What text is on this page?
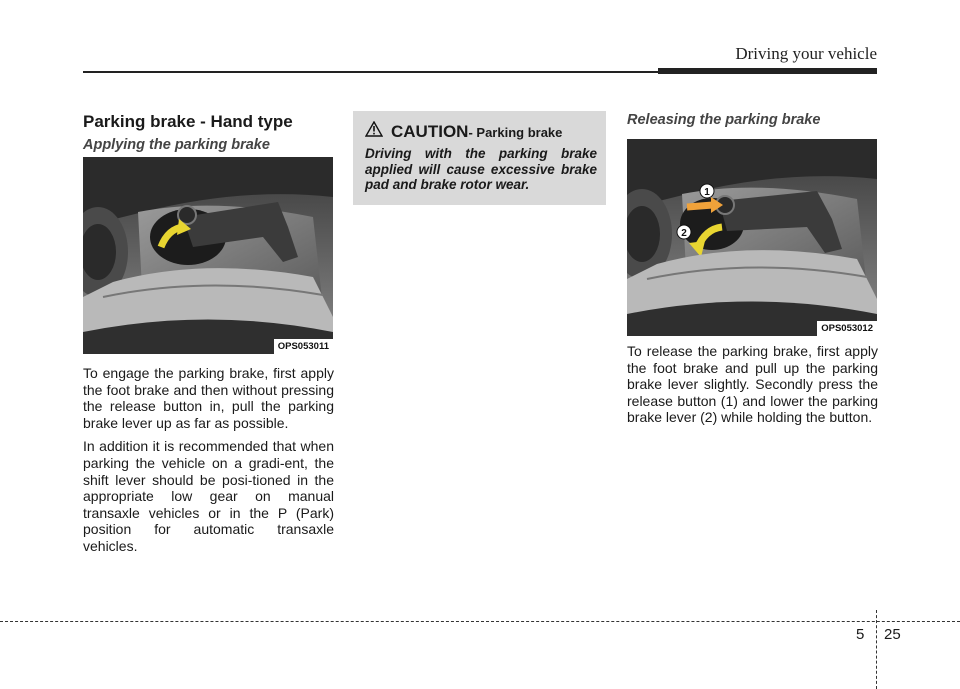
Driving your vehicle
Parking brake - Hand type
Applying the parking brake
OPS053011

To engage the parking brake, first apply the foot brake and then without pressing the release button in, pull the parking brake lever up as far as possible.

In addition it is recommended that when parking the vehicle on a gradi-ent, the shift lever should be posi-tioned in the appropriate low gear on manual transaxle vehicles or in the P (Park) position for automatic transaxle vehicles.

CAUTION - Parking brake

Driving with the parking brake applied will cause excessive brake pad and brake rotor wear.

Releasing the parking brake
1
2
OPS053012

To release the parking brake, first apply the foot brake and pull up the parking brake lever slightly. Secondly press the release button (1) and lower the parking brake lever (2) while holding the button.

5 25
